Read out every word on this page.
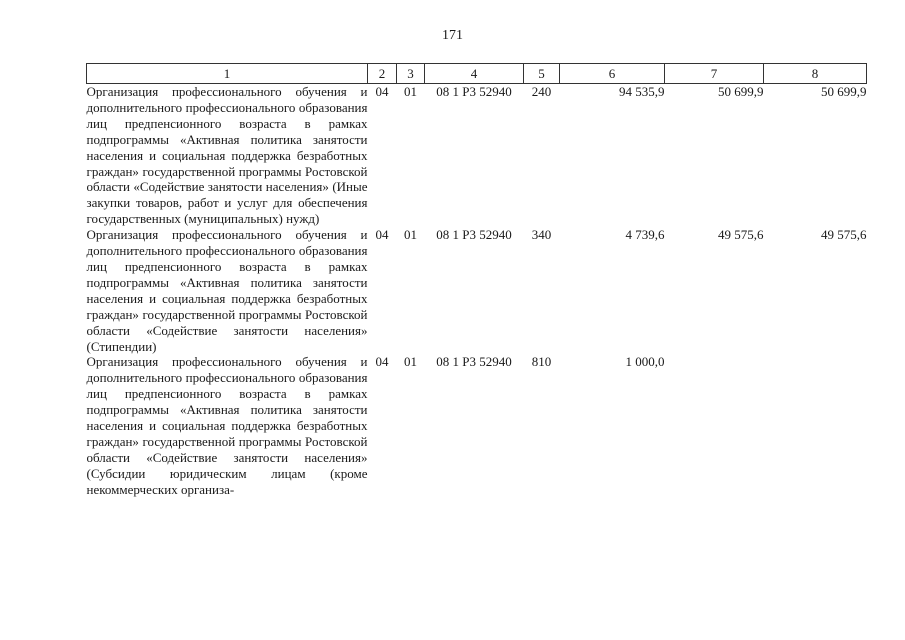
171
1	2	3	4	5	6	7	8
Организация профессионального обучения и дополнительного профессионального образования лиц предпенсионного возраста в рамках подпрограммы «Активная политика занятости населения и социальная поддержка безработных граждан» государственной программы Ростовской области «Содействие занятости населения» (Иные закупки товаров, работ и услуг для обеспечения государственных (муниципальных) нужд)	04	01	08 1 P3 52940	240	94 535,9	50 699,9	50 699,9
Организация профессионального обучения и дополнительного профессионального образования лиц предпенсионного возраста в рамках подпрограммы «Активная политика занятости населения и социальная поддержка безработных граждан» государственной программы Ростовской области «Содействие занятости населения» (Стипендии)	04	01	08 1 P3 52940	340	4 739,6	49 575,6	49 575,6
Организация профессионального обучения и дополнительного профессионального образования лиц предпенсионного возраста в рамках подпрограммы «Активная политика занятости населения и социальная поддержка безработных граждан» государственной программы Ростовской области «Содействие занятости населения» (Субсидии юридическим лицам (кроме некоммерческих организа-	04	01	08 1 P3 52940	810	1 000,0		
